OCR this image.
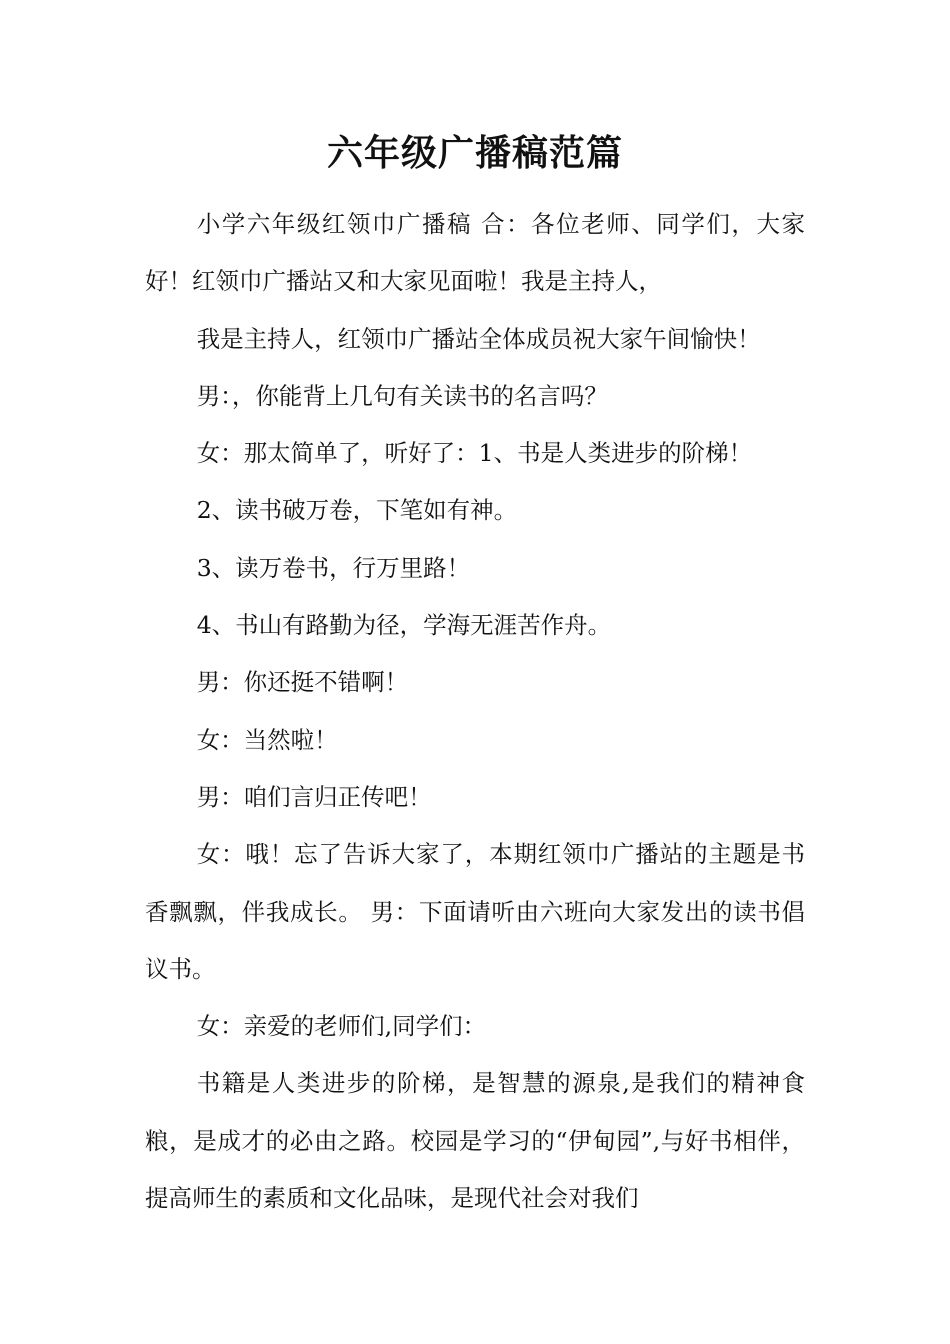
六年级广播稿范篇

小学六年级红领巾广播稿 合：各位老师、同学们，大家好！红领巾广播站又和大家见面啦！我是主持人，

我是主持人，红领巾广播站全体成员祝大家午间愉快！

男：，你能背上几句有关读书的名言吗？

女：那太简单了，听好了：1、书是人类进步的阶梯！

2、读书破万卷，下笔如有神。

3、读万卷书，行万里路！

4、书山有路勤为径，学海无涯苦作舟。

男：你还挺不错啊！

女：当然啦！

男：咱们言归正传吧！

女：哦！忘了告诉大家了，本期红领巾广播站的主题是书香飘飘，伴我成长。 男：下面请听由六班向大家发出的读书倡议书。

女：亲爱的老师们,同学们：

书籍是人类进步的阶梯，是智慧的源泉,是我们的精神食粮，是成才的必由之路。校园是学习的“伊甸园”,与好书相伴，提高师生的素质和文化品味，是现代社会对我们
